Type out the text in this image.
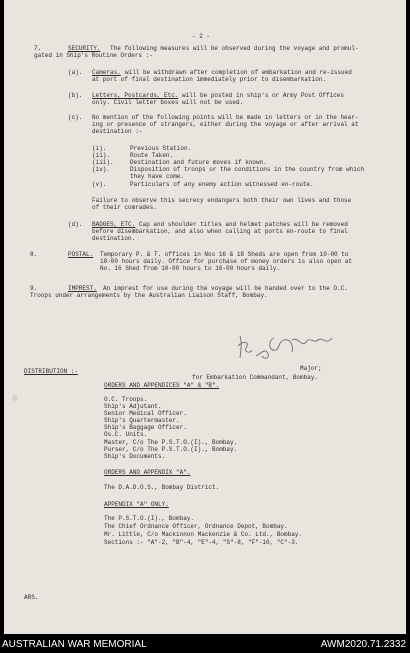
- 2 -
7.	SECURITY. The following measures will be observed during the voyage and promul-
gated in Ship's Routine Orders :-
(a). Cameras. will be withdrawn after completion of embarkation and re-issued
at port of final destination immediately prior to disembarkation.
(b). Letters, Postcards, Etc. will be posted in ship's or Army Post Offices
only. Civil letter boxes will not be used.
(c). No mention of the following points will be made in letters or in the hear-
ing or presence of strangers, either during the voyage or after arrival at
destination :-
(i).	Previous Station.
(ii).	Route Taken.
(iii).	Destination and future moves if known.
(iv).	Disposition of troops or the conditions in the country from which
they have come.
(v).	Particulars of any enemy action witnessed en-route.
Failure to observe this secrecy endangers both their own lives and those
of their comrades.
(d). BADGES, ETC. Cap and shoulder titles and helmet patches will be removed
before disembarkation, and also when calling at ports en-route to final
destination.
8.	POSTAL. Temporary P. & T. offices in Nos 16 & 18 Sheds are open from 10-00 to
18-00 hours daily. Office for purchase of money orders is also open at
No. 16 Shed from 10-00 hours to 16-00 hours daily.
9.	IMPREST. An imprest for use during the voyage will be handed over to the O.C.
Troops under arrangements by the Australian Liaison Staff, Bombay.
Major;
for Embarkation Commandant, Bombay.
DISTRIBUTION :-
ORDERS AND APPENDICES "A" & "B".
O.C. Troops.
Ship's Adjutant.
Senior Medical Officer.
Ship's Quartermaster.
Ship's Baggage Officer.
Os.C. Units.
Master, C/o The P.S.T.O.(I)., Bombay.
Purser, C/o The P.S.T.O.(I)., Bombay.
Ship's Documents.
ORDERS AND APPENDIX "A".
The D.A.D.O.S., Bombay District.
APPENDIX "A" ONLY.
The P.S.T.O.(I)., Bombay.
The Chief Ordnance Officer, Ordnance Depot, Bombay.
Mr. Little, C/o Mackinnon Mackenzie & Co. Ltd., Bombay.
Sections :- "A"-2, "B"-4, "E"-4, "S"-8, "F"-10, "C"-3.
ARS.
AUSTRALIAN WAR MEMORIAL	AWM2020.71.2332
